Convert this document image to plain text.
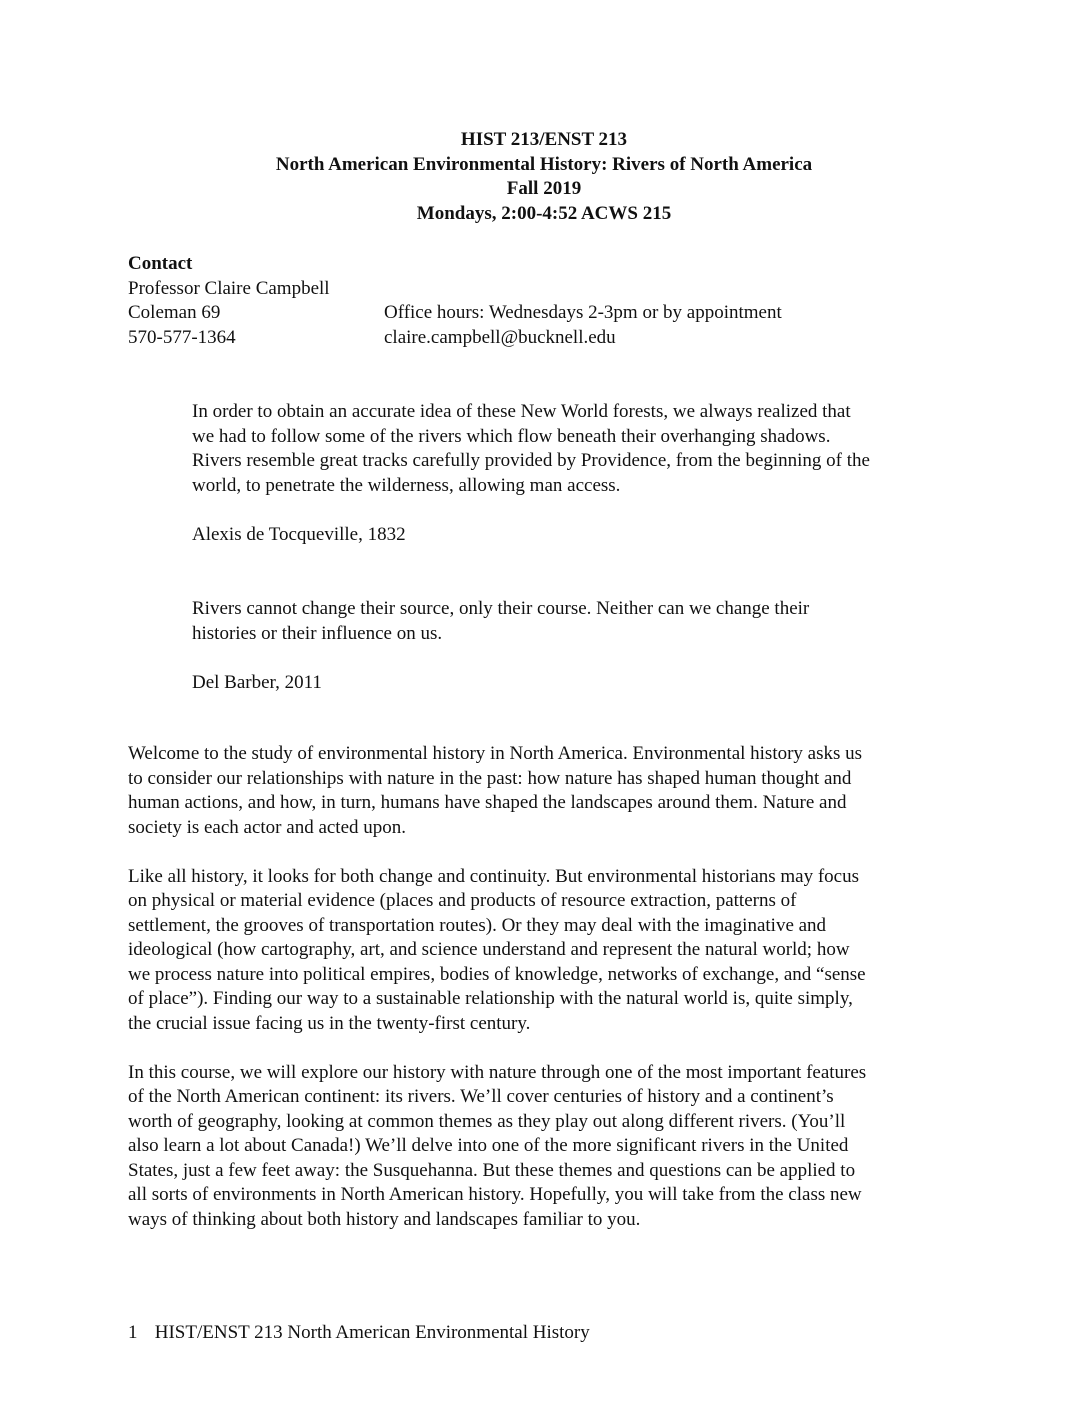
HIST 213/ENST 213
North American Environmental History: Rivers of North America
Fall 2019
Mondays, 2:00-4:52 ACWS 215
Contact
Professor Claire Campbell
Coleman 69	Office hours: Wednesdays 2-3pm or by appointment
570-577-1364	claire.campbell@bucknell.edu

In order to obtain an accurate idea of these New World forests, we always realized that
we had to follow some of the rivers which flow beneath their overhanging shadows.
Rivers resemble great tracks carefully provided by Providence, from the beginning of the
world, to penetrate the wilderness, allowing man access.

Alexis de Tocqueville, 1832

Rivers cannot change their source, only their course. Neither can we change their
histories or their influence on us.

Del Barber, 2011

Welcome to the study of environmental history in North America. Environmental history asks us
to consider our relationships with nature in the past: how nature has shaped human thought and
human actions, and how, in turn, humans have shaped the landscapes around them. Nature and
society is each actor and acted upon.

Like all history, it looks for both change and continuity. But environmental historians may focus
on physical or material evidence (places and products of resource extraction, patterns of
settlement, the grooves of transportation routes). Or they may deal with the imaginative and
ideological (how cartography, art, and science understand and represent the natural world; how
we process nature into political empires, bodies of knowledge, networks of exchange, and “sense
of place”). Finding our way to a sustainable relationship with the natural world is, quite simply,
the crucial issue facing us in the twenty-first century.

In this course, we will explore our history with nature through one of the most important features
of the North American continent: its rivers. We’ll cover centuries of history and a continent’s
worth of geography, looking at common themes as they play out along different rivers. (You’ll
also learn a lot about Canada!) We’ll delve into one of the more significant rivers in the United
States, just a few feet away: the Susquehanna. But these themes and questions can be applied to
all sorts of environments in North American history. Hopefully, you will take from the class new
ways of thinking about both history and landscapes familiar to you.

1 HIST/ENST 213 North American Environmental History
